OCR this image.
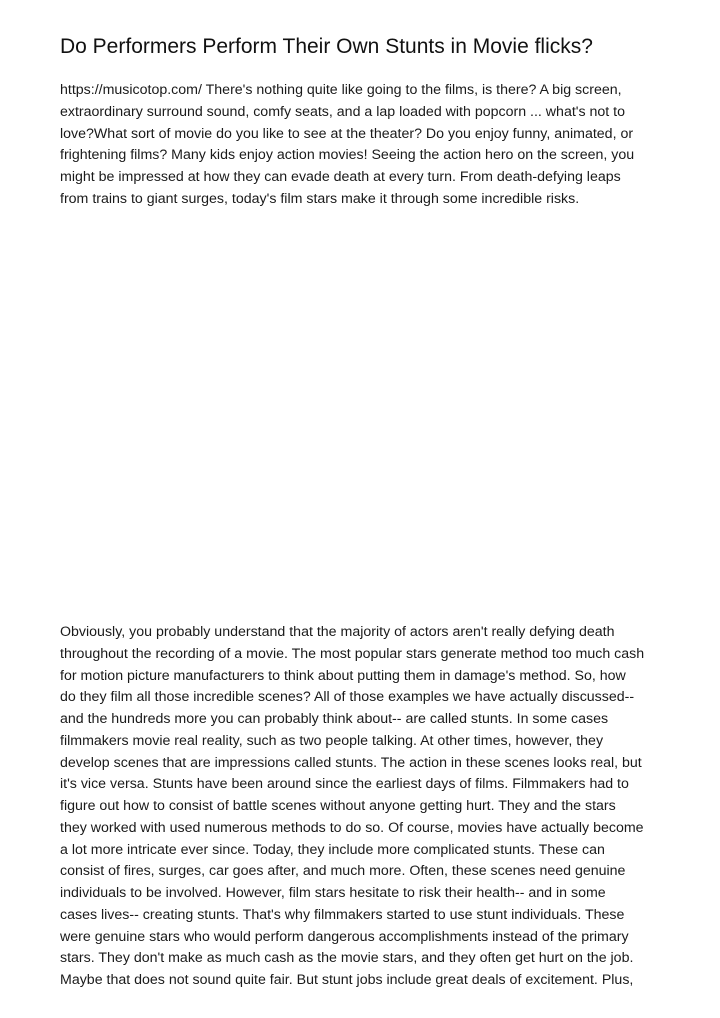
Do Performers Perform Their Own Stunts in Movie flicks?

https://musicotop.com/ There's nothing quite like going to the films, is there? A big screen,
extraordinary surround sound, comfy seats, and a lap loaded with popcorn ... what's not to
love?What sort of movie do you like to see at the theater? Do you enjoy funny, animated, or
frightening films? Many kids enjoy action movies! Seeing the action hero on the screen, you
might be impressed at how they can evade death at every turn. From death-defying leaps
from trains to giant surges, today's film stars make it through some incredible risks.

Obviously, you probably understand that the majority of actors aren't really defying death
throughout the recording of a movie. The most popular stars generate method too much cash
for motion picture manufacturers to think about putting them in damage's method. So, how
do they film all those incredible scenes? All of those examples we have actually discussed--
and the hundreds more you can probably think about-- are called stunts. In some cases
filmmakers movie real reality, such as two people talking. At other times, however, they
develop scenes that are impressions called stunts. The action in these scenes looks real, but
it's vice versa. Stunts have been around since the earliest days of films. Filmmakers had to
figure out how to consist of battle scenes without anyone getting hurt. They and the stars
they worked with used numerous methods to do so. Of course, movies have actually become
a lot more intricate ever since. Today, they include more complicated stunts. These can
consist of fires, surges, car goes after, and much more. Often, these scenes need genuine
individuals to be involved. However, film stars hesitate to risk their health-- and in some
cases lives-- creating stunts. That's why filmmakers started to use stunt individuals. These
were genuine stars who would perform dangerous accomplishments instead of the primary
stars. They don't make as much cash as the movie stars, and they often get hurt on the job.
Maybe that does not sound quite fair. But stunt jobs include great deals of excitement. Plus,
